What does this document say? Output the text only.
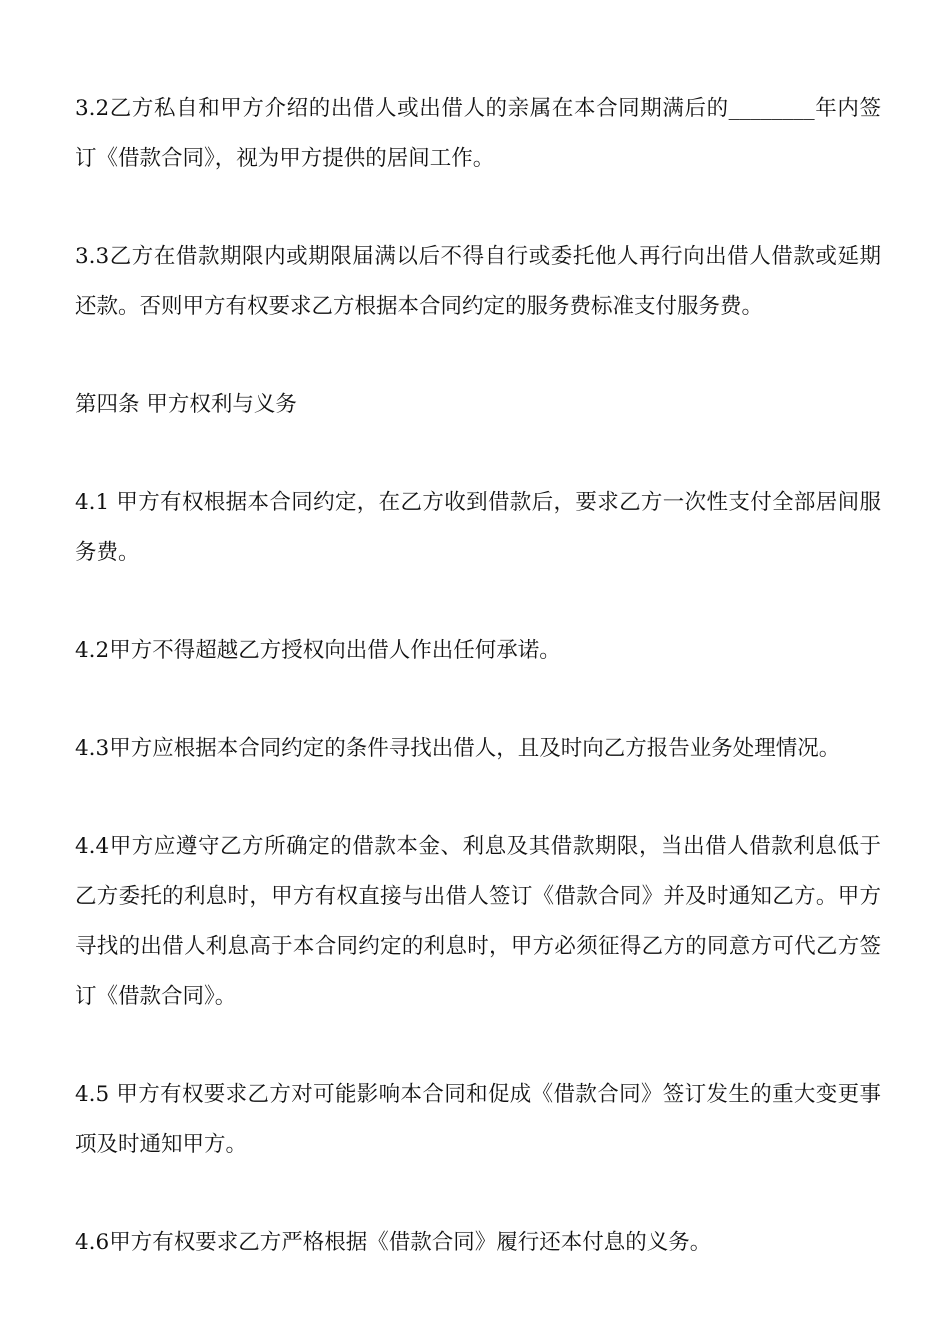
3.2乙方私自和甲方介绍的出借人或出借人的亲属在本合同期满后的________年内签订《借款合同》，视为甲方提供的居间工作。

3.3乙方在借款期限内或期限届满以后不得自行或委托他人再行向出借人借款或延期还款。否则甲方有权要求乙方根据本合同约定的服务费标准支付服务费。

第四条 甲方权利与义务

4.1 甲方有权根据本合同约定，在乙方收到借款后，要求乙方一次性支付全部居间服务费。

4.2甲方不得超越乙方授权向出借人作出任何承诺。

4.3甲方应根据本合同约定的条件寻找出借人，且及时向乙方报告业务处理情况。

4.4甲方应遵守乙方所确定的借款本金、利息及其借款期限，当出借人借款利息低于乙方委托的利息时，甲方有权直接与出借人签订《借款合同》并及时通知乙方。甲方寻找的出借人利息高于本合同约定的利息时，甲方必须征得乙方的同意方可代乙方签订《借款合同》。

4.5 甲方有权要求乙方对可能影响本合同和促成《借款合同》签订发生的重大变更事项及时通知甲方。

4.6甲方有权要求乙方严格根据《借款合同》履行还本付息的义务。
